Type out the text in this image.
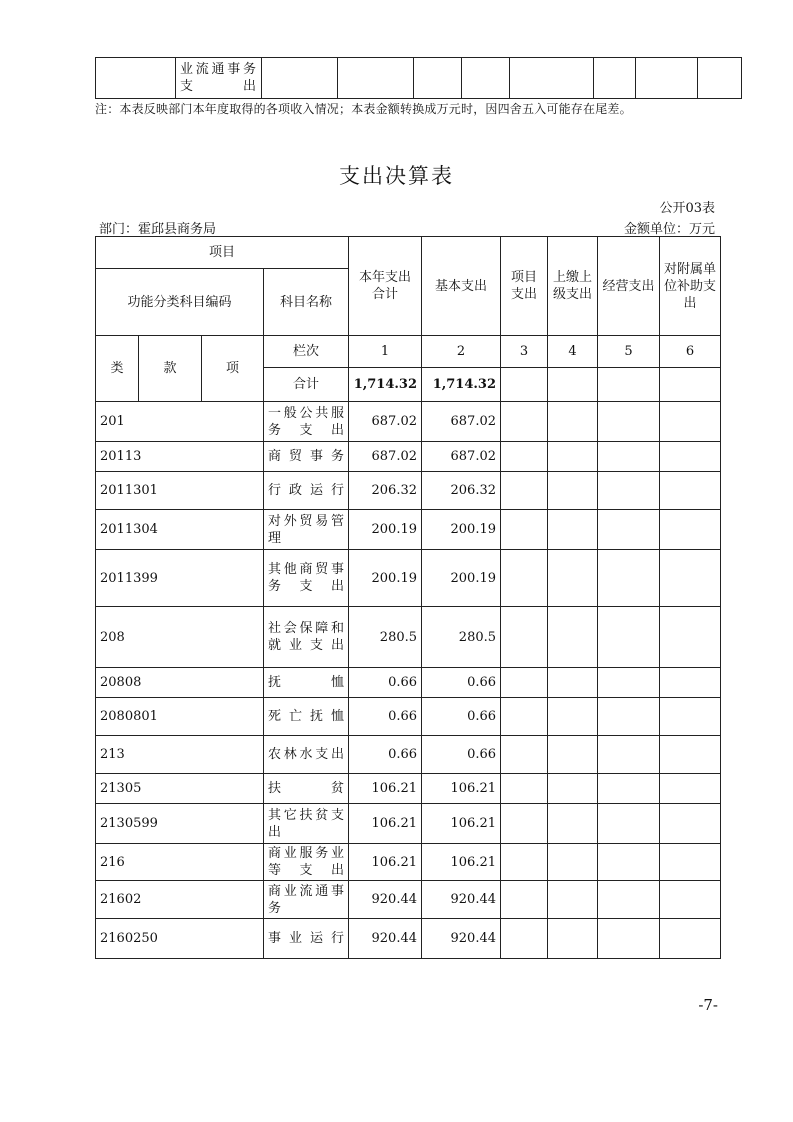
	业流通事务支出								
注：本表反映部门本年度取得的各项收入情况；本表金额转换成万元时，因四舍五入可能存在尾差。
支出决算表
公开03表
部门：霍邱县商务局	金额单位：万元
项目				本年支出合计	基本支出	项目支出	上缴上级支出	经营支出	对附属单位补助支出
功能分类科目编码			科目名称						
类	款	项	栏次	1	2	3	4	5	6
			合计	1,714.32	1,714.32				
201			一般公共服务支出	687.02	687.02				
20113			商贸事务	687.02	687.02				
2011301			行政运行	206.32	206.32				
2011304			对外贸易管理	200.19	200.19				
2011399			其他商贸事务支出	200.19	200.19				
208			社会保障和就业支出	280.5	280.5				
20808			抚恤	0.66	0.66				
2080801			死亡抚恤	0.66	0.66				
213			农林水支出	0.66	0.66				
21305			扶贫	106.21	106.21				
2130599			其它扶贫支出	106.21	106.21				
216			商业服务业等支出	106.21	106.21				
21602			商业流通事务	920.44	920.44				
2160250			事业运行	920.44	920.44				
-7-
